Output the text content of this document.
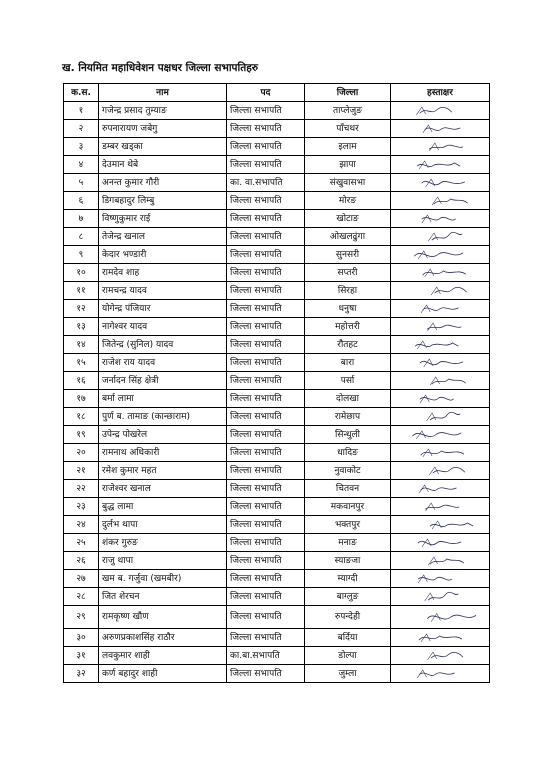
ख. नियमित महाधिवेशन पक्षधर जिल्ला सभापतिहरु
क.स.	नाम	पद	जिल्ला	हस्ताक्षर
१	गजेन्द्र प्रसाद तुम्याङ	जिल्ला सभापति	ताप्लेजुङ	

२	रुपनारायण जबेगु	जिल्ला सभापति	पाँचथर	

३	डम्बर खड्का	जिल्ला सभापति	इलाम	

४	देउमान थेबे	जिल्ला सभापति	झापा	

५	अनन्त कुमार गौरी	का. वा.सभापति	संखुवासभा	

६	डिगबहादुर लिम्बु	जिल्ला सभापति	मोरङ	

७	विष्णुकुमार राई	जिल्ला सभापति	खोटाङ	

८	तेजेन्द्र खनाल	जिल्ला सभापति	ओखलढुंगा	

९	केदार भण्डारी	जिल्ला सभापति	सुनसरी	

१०	रामदेव शाह	जिल्ला सभापति	सप्तरी	

११	रामचन्द्र यादव	जिल्ला सभापति	सिरहा	

१२	योगेन्द्र पंजियार	जिल्ला सभापति	धनुषा	

१३	नागेश्वर यादव	जिल्ला सभापति	महोत्तरी	

१४	जितेन्द्र (सुनिल) यादव	जिल्ला सभापति	रौतहट	

१५	राजेश राय यादव	जिल्ला सभापति	बारा	

१६	जर्नादन सिंह क्षेत्री	जिल्ला सभापति	पर्सा	

१७	बर्मा लामा	जिल्ला सभापति	दोलखा	

१८	पुर्ण ब. तामाङ (कान्छाराम)	जिल्ला सभापति	रामेछाप	

१९	उपेन्द्र पोखरेल	जिल्ला सभापति	सिन्धुली	

२०	रामनाथ अधिकारी	जिल्ला सभापति	धादिङ	

२१	रमेश कुमार महत	जिल्ला सभापति	नुवाकोट	

२२	राजेश्वर खनाल	जिल्ला सभापति	चितवन	

२३	बुद्ध लामा	जिल्ला सभापति	मकवानपुर	

२४	दुर्लभ थापा	जिल्ला सभापति	भक्तपुर	

२५	शंकर गुरुङ	जिल्ला सभापति	मनाङ	

२६	राजु थापा	जिल्ला सभापति	स्याङजा	

२७	खम ब. गर्जुवा (खमबीर)	जिल्ला सभापति	म्याग्दी	

२८	जित शेरचन	जिल्ला सभापति	बाग्लुङ	

२९	रामकृष्ण खौण	जिल्ला सभापति	रुपन्देही	

३०	अरुणप्रकाशसिंह राठौर	जिल्ला सभापति	बर्दिया	

३१	लवकुमार शाही	का.बा.सभापति	डोल्पा	

३२	कर्ण बहादुर शाही	जिल्ला सभापति	जुम्ला	
